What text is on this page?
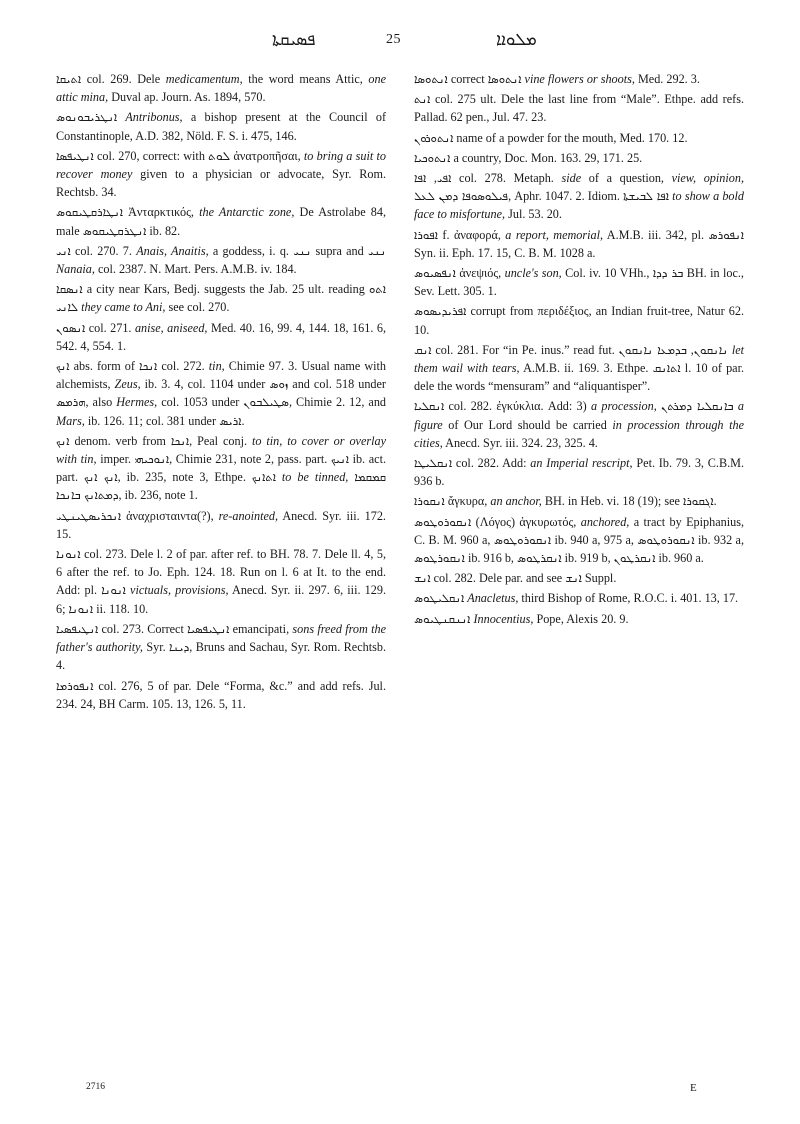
ܦܣܝܩܬܐ	25	ܡܠܘܐܐ

ܐܬܝܩܐ col. 269. Dele medicamentum, the word means Attic, one attic mina, Duval ap. Journ. As. 1894, 570.

ܐܢܛܪܝܒܘܢܘܣ Antribonus, a bishop present at the Council of Constantinople, A.D. 382, Nöld. F. S. i. 475, 146.

ܐܢܛܝܦܣܐ col. 270, correct: with ܠܘܬ ἀνατροπῆσαι, to bring a suit to recover money given to a physician or advocate, Syr. Rom. Rechtsb. 34.

ܐܢܛܐܪܩܛܝܩܘܣ Ἀνταρκτικός, the Antarctic zone, De Astrolabe 84, male ܐܢܛܪܩܛܝܩܘܣ ib. 82.

ܐܢܝ col. 270. 7. Anais, Anaitis, a goddess, i. q. ܢܢܝ supra and ܢܢܝ Nanaia, col. 2387. N. Mart. Pers. A.M.B. iv. 184.

ܐܢܣܩܐ a city near Kars, Bedj. suggests the Jab. 25 ult. reading ܐܬܘ ܠܐܢܝ they came to Ani, see col. 270.

ܐܢܣܘܢ col. 271. anise, aniseed, Med. 40. 16, 99. 4, 144. 18, 161. 6, 542. 4, 554. 1.

ܐܢܟ abs. form of ܐܢܟܐ col. 272. tin, Chimie 97. 3. Usual name with alchemists, Zeus, ib. 3. 4, col. 1104 under ܙܘܣ and col. 518 under ܗܪܡܣ, also Hermes, col. 1053 under ܣܛܝܠܒܘܢ, Chimie 2. 12, and Mars, ib. 126. 11; col. 381 under ܐܪܝܣ.

ܐܢܟ denom. verb from ܐܢܟܐ, Peal conj. to tin, to cover or overlay with tin, imper. ܐܢܘܟܝܗܝ, Chimie 231, note 2, pass. part. ܐܢܝܟ ib. act. part. ܐܢܟ ܐܢܟ, ib. 235, note 3, Ethpe. ܐܬܐܢܟ to be tinned, ܩܡܩܡܐ ܕܡܬܐܢܟ ܒܐܢܟܐ, ib. 236, note 1.

ܐܢܟܪܝܣܛܝܢܛܝ ἀναχρισταιντα(?), re-anointed, Anecd. Syr. iii. 172. 15.

ܐܢܘܢܐ col. 273. Dele l. 2 of par. after ref. to BH. 78. 7. Dele ll. 4, 5, 6 after the ref. to Jo. Eph. 124. 18. Run on l. 6 at It. to the end. Add: pl. ܐܢܘܢܐ victuals, provisions, Anecd. Syr. ii. 297. 6, iii. 129. 6; ܐܢܘܢܐ ii. 118. 10.

ܐܢܛܝܦܣܝܐ col. 273. Correct ܐܢܛܝܦܣܝܐ emancipati, sons freed from the father's authority, Syr. ܕܝܢܐ, Bruns and Sachau, Syr. Rom. Rechtsb. 4.

ܐܢܦܘܪܡܐ col. 276, 5 of par. Dele “Forma, &c.” and add refs. Jul. 234. 24, BH Carm. 105. 13, 126. 5, 11.

ܐܢܬܘܣܐ correct ܐܢܬܘܣܐ vine flowers or shoots, Med. 292. 3.

ܐܢܬ col. 275 ult. Dele the last line from “Male”. Ethpe. add refs. Pallad. 62 pen., Jul. 47. 23.

ܐܢܬܘܪܘܢ name of a powder for the mouth, Med. 170. 12.

ܐܢܬܘܟܝܐ a country, Doc. Mon. 163. 29, 171. 25.

ܐܦܝ, ܐܦܐ col. 278. Metaph. side of a question, view, opinion, ܦܝܠܘܣܘܦܐ ܕܡܢ ܠܥܠ, Aphr. 1047. 2. Idiom. ܐܦܐ ܠܒܝܫܬܐ to show a bold face to misfortune, Jul. 53. 20.

ܐܦܘܪܐ f. ἀναφορά, a report, memorial, A.M.B. iii. 342, pl. ܐܢܦܘܪܣ Syn. ii. Eph. 17. 15, C. B. M. 1028 a.

ܐܢܦܣܝܘܣ ἀνεψιός, uncle's son, Col. iv. 10 VHh., ܒܪ ܕܕܐ BH. in loc., Sev. Lett. 305. 1.

ܐܦܪܝܕܝܣܘܣ corrupt from περιδέξιος, an Indian fruit-tree, Natur 62. 10.

ܐܢܩ col. 281. For “in Pe. inus.” read fut.	ܢܐܢܩܘܢ, ܒܕܡܥܐ ܢܐܢܩܘܢ	let them wail with tears, A.M.B. ii. 169. 3. Ethpe. ܐܬܐܢܩ l. 10 of par. dele the words “mensuram” and “aliquantisper”.

ܐܢܩܠܝܐ col. 282. ἐγκύκλια. Add: 3) a procession, ܒܐܢܩܠܝܐ ܕܡܪܬܢ a figure of Our Lord should be carried in procession through the cities, Anecd. Syr. iii. 324. 23, 325. 4.

ܐܢܩܠܝܛܐ col. 282. Add: an Imperial rescript, Pet. Ib. 79. 3, C.B.M. 936 b.

ܐܢܩܘܪܐ ἄγκυρα, an anchor, BH. in Heb. vi. 18 (19); see ܐܓܩܘܪܐ.

ܐܢܩܘܪܘܛܘܣ (Λόγος) ἀγκυρωτός, anchored, a tract by Epiphanius, C. B. M. 960 a, ܐܢܩܘܪܘܛܘܣ ib. 940 a, 975 a, ܐܢܩܘܪܘܛܘܣ ib. 932 a, ܐܢܩܘܪܛܘܣ ib. 916 b, ܐܢܩܪܛܘܣ ib. 919 b, ܐܢܩܪܛܘܢ ib. 960 a.

ܐܢܫ col. 282. Dele par. and see ܐܢܫ Suppl.

ܐܢܩܠܝܛܘܣ Anacletus, third Bishop of Rome, R.O.C. i. 401. 13, 17.

ܐܢܢܩܢܛܝܘܣ Innocentius, Pope, Alexis 20. 9.

2716	E
